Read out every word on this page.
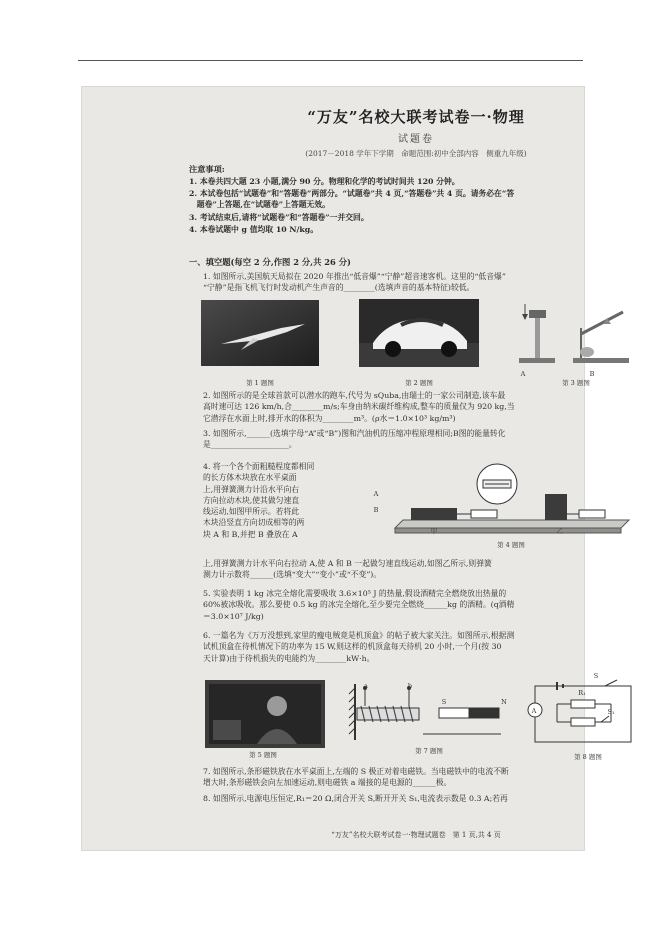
“万友”名校大联考试卷一·物理
试题卷
(2017－2018 学年下学期　命题范围:初中全部内容　侧重九年级)
注意事项:
1. 本卷共四大题 23 小题,满分 90 分。物理和化学的考试时间共 120 分钟。
2. 本试卷包括“试题卷”和“答题卷”两部分。“试题卷”共 4 页,“答题卷”共 4 页。请务必在“答
　题卷”上答题,在“试题卷”上答题无效。
3. 考试结束后,请将“试题卷”和“答题卷”一并交回。
4. 本卷试题中 g 值均取 10 N/kg。
一、填空题(每空 2 分,作图 2 分,共 26 分)
1. 如图所示,美国航天局拟在 2020 年推出“低音爆”“宁静”超音速客机。这里的“低音爆”
“宁静”是指飞机飞行时发动机产生声音的________(选填声音的基本特征)较低。
第 1 题图	第 2 题图
A	B
第 3 题图
2. 如图所示的是全球首款可以潜水的跑车,代号为 sQuba,由瑞士的一家公司制造,该车最
高时速可达 126 km/h,合________m/s;车身由纳米碳纤维构成,整车的质量仅为 920 kg,当
它潜浮在水面上时,排开水的体积为________m³。(ρ水＝1.0×10³ kg/m³)
3. 如图所示,______(选填字母“A”或“B”)图和汽油机的压缩冲程原理相同;B图的能量转化
是____________________。
4. 将一个各个面粗糙程度都相同
的长方体木块放在水平桌面
上,用弹簧测力计沿水平向右
方向拉动木块,使其做匀速直
线运动,如图甲所示。若将此
木块沿竖直方向切成相等的两
块 A 和 B,并把 B 叠放在 A
A
B
甲	乙
第 4 题图
上,用弹簧测力计水平向右拉动 A,使 A 和 B 一起做匀速直线运动,如图乙所示,则弹簧
测力计示数将______(选填“变大”“变小”或“不变”)。
5. 实验表明 1 kg 冰完全熔化需要吸收 3.6×10⁵ J 的热量,假设酒精完全燃烧放出热量的
60%被冰吸收。那么要使 0.5 kg 的冰完全熔化,至少要完全燃烧______kg 的酒精。(q酒精
＝3.0×10⁷ J/kg)
6. 一篇名为《万万没想到,家里的瘦电贼竟是机顶盒》的帖子被大家关注。如图所示,根据测
试机顶盒在待机情况下的功率为 15 W,则这样的机顶盒每天待机 20 小时,一个月(按 30
天计算)由于待机损失的电能约为________kW·h。
第 5 题图
a	b
S	N
第 7 题图
S
A
R₁
S₁
第 8 题图
7. 如图所示,条形磁铁放在水平桌面上,左端的 S 极正对着电磁铁。当电磁铁中的电流不断
增大时,条形磁铁会向左加速运动,则电磁铁 a 端接的是电源的______极。
8. 如图所示,电源电压恒定,R₁＝20 Ω,闭合开关 S,断开开关 S₁,电流表示数是 0.3 A;若再
“万友”名校大联考试卷一·物理试题卷　第 1 页,共 4 页
